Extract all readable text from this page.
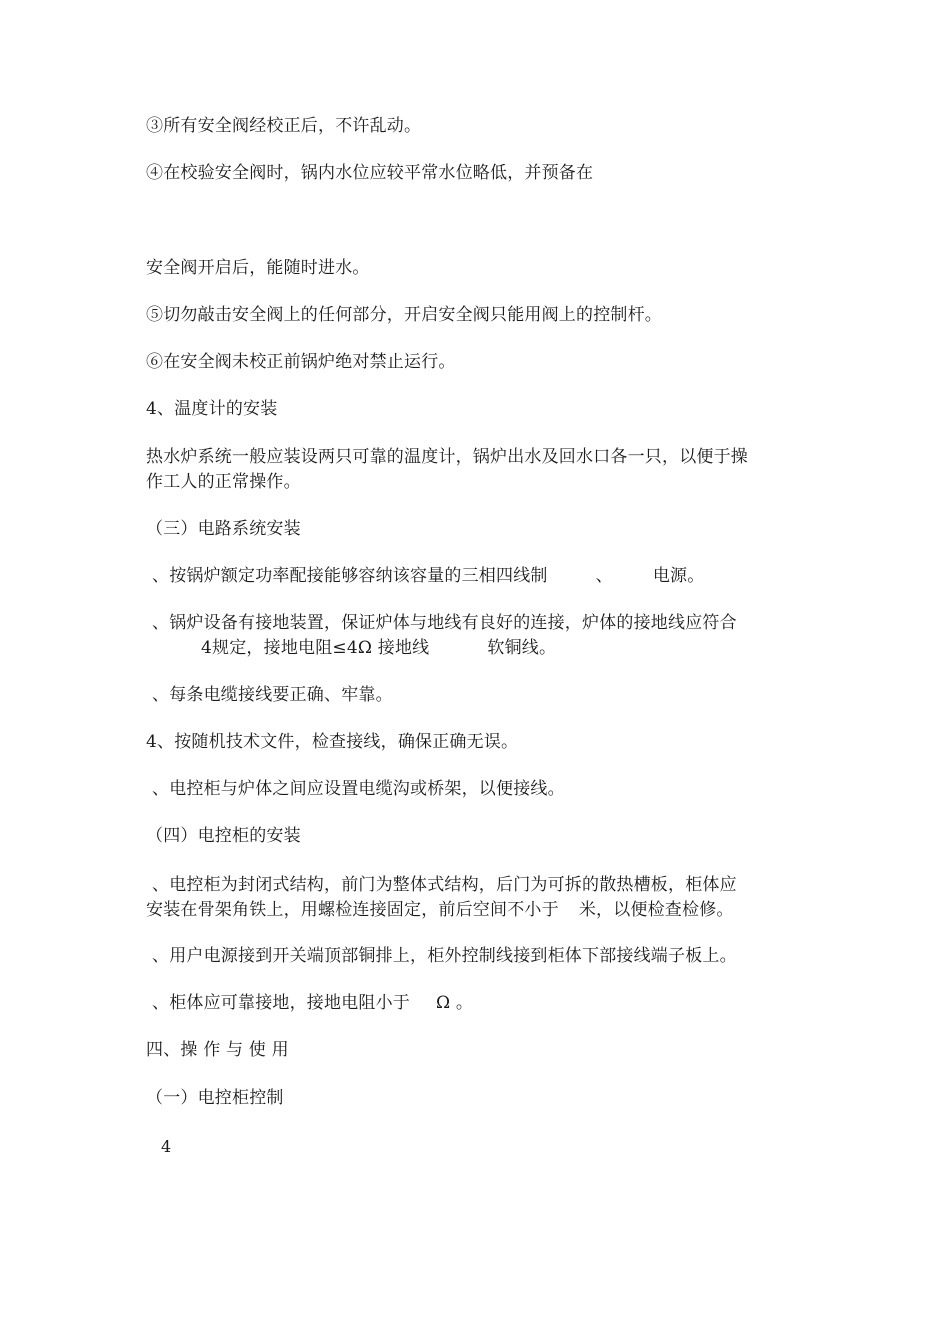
③所有安全阀经校正后，不许乱动。
④在校验安全阀时，锅内水位应较平常水位略低，并预备在
安全阀开启后，能随时进水。
⑤切勿敲击安全阀上的任何部分，开启安全阀只能用阀上的控制杆。
⑥在安全阀未校正前锅炉绝对禁止运行。
4、温度计的安装
热水炉系统一般应装设两只可靠的温度计，锅炉出水及回水口各一只，以便于操
作工人的正常操作。
（三）电路系统安装
、按锅炉额定功率配接能够容纳该容量的三相四线制	、 电源。
、锅炉设备有接地装置，保证炉体与地线有良好的连接，炉体的接地线应符合
4规定，接地电阻≤4Ω 接地线	软铜线。
、每条电缆接线要正确、牢靠。
4、按随机技术文件，检查接线，确保正确无误。
、电控柜与炉体之间应设置电缆沟或桥架，以便接线。
（四）电控柜的安装
、电控柜为封闭式结构，前门为整体式结构，后门为可拆的散热槽板，柜体应
安装在骨架角铁上，用螺检连接固定，前后空间不小于 米，以便检查检修。
、用户电源接到开关端顶部铜排上，柜外控制线接到柜体下部接线端子板上。
、柜体应可靠接地，接地电阻小于 Ω 。
四、操 作 与 使 用
（一）电控柜控制
4
